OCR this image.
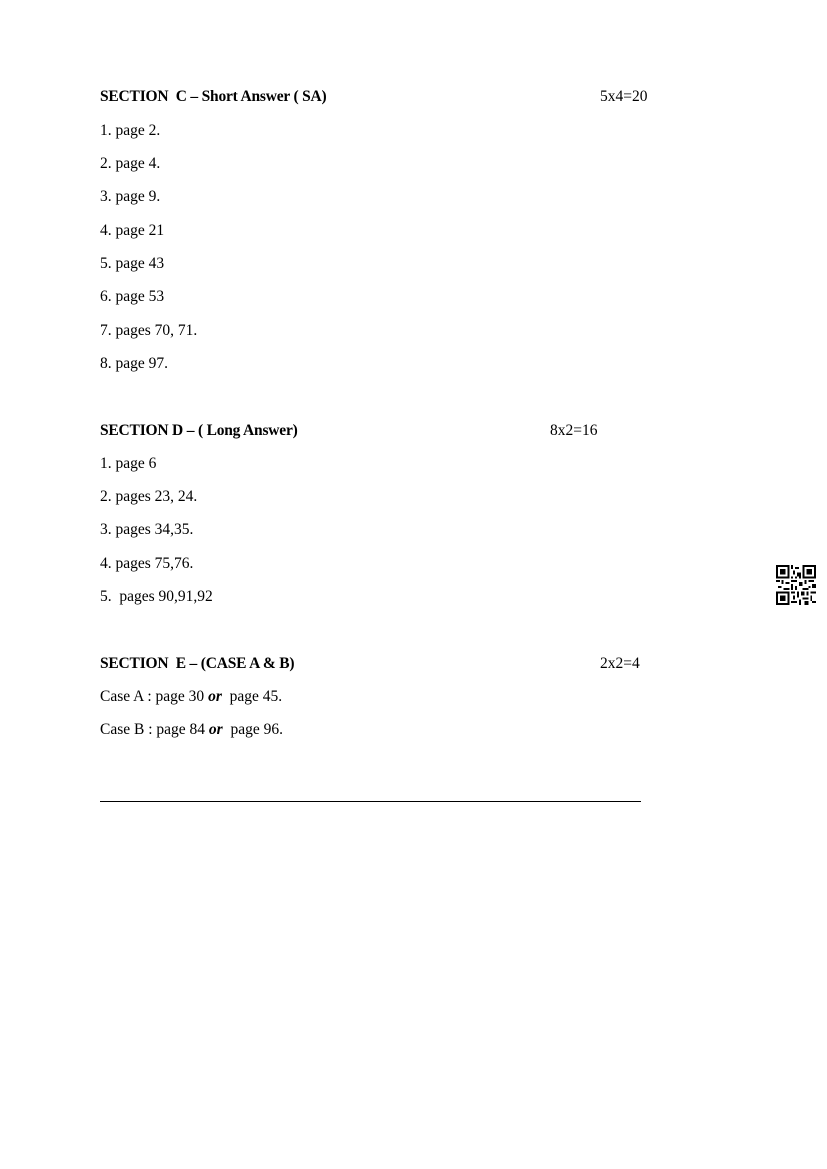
SECTION  C – Short Answer ( SA)	5x4=20
1. page 2.
2. page 4.
3. page 9.
4. page 21
5. page 43
6. page 53
7. pages 70, 71.
8. page 97.
SECTION D – ( Long Answer)	8x2=16
1. page 6
2. pages 23, 24.
3. pages 34,35.
4. pages 75,76.
5.  pages 90,91,92
SECTION  E – (CASE A & B)	2x2=4
Case A : page 30 or  page 45.
Case B : page 84 or  page 96.
